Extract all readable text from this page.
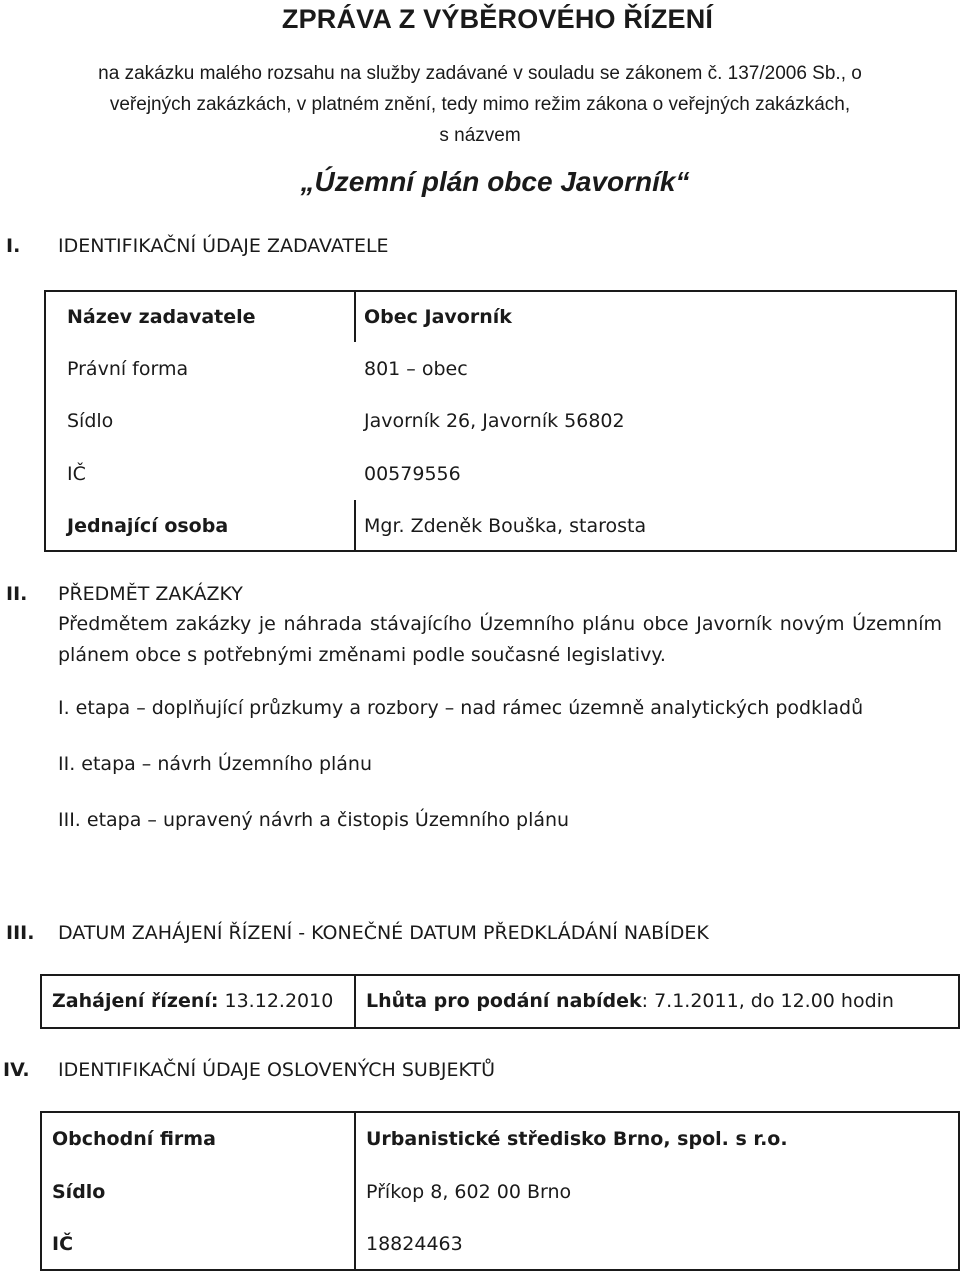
ZPRÁVA Z VÝBĚROVÉHO ŘÍZENÍ
na zakázku malého rozsahu na služby zadávané v souladu se zákonem č. 137/2006 Sb., o
veřejných zakázkách, v platném znění, tedy mimo režim zákona o veřejných zakázkách,
s názvem
„Územní plán obce Javorník“
I. IDENTIFIKAČNÍ ÚDAJE ZADAVATELE
Název zadavatele	Obec Javorník
Právní forma	801 – obec
Sídlo	Javorník 26, Javorník 56802
IČ	00579556
Jednající osoba	Mgr. Zdeněk Bouška, starosta
II. PŘEDMĚT ZAKÁZKY
Předmětem zakázky je náhrada stávajícího Územního plánu obce Javorník novým Územním
plánem obce s potřebnými změnami podle současné legislativy.
I. etapa – doplňující průzkumy a rozbory – nad rámec územně analytických podkladů
II. etapa – návrh Územního plánu
III. etapa – upravený návrh a čistopis Územního plánu
III. DATUM ZAHÁJENÍ ŘÍZENÍ - KONEČNÉ DATUM PŘEDKLÁDÁNÍ NABÍDEK
Zahájení řízení: 13.12.2010 Lhůta pro podání nabídek: 7.1.2011, do 12.00 hodin
IV. IDENTIFIKAČNÍ ÚDAJE OSLOVENÝCH SUBJEKTŮ
Obchodní firma	Urbanistické středisko Brno, spol. s r.o.
Sídlo	Příkop 8, 602 00 Brno
IČ	18824463
